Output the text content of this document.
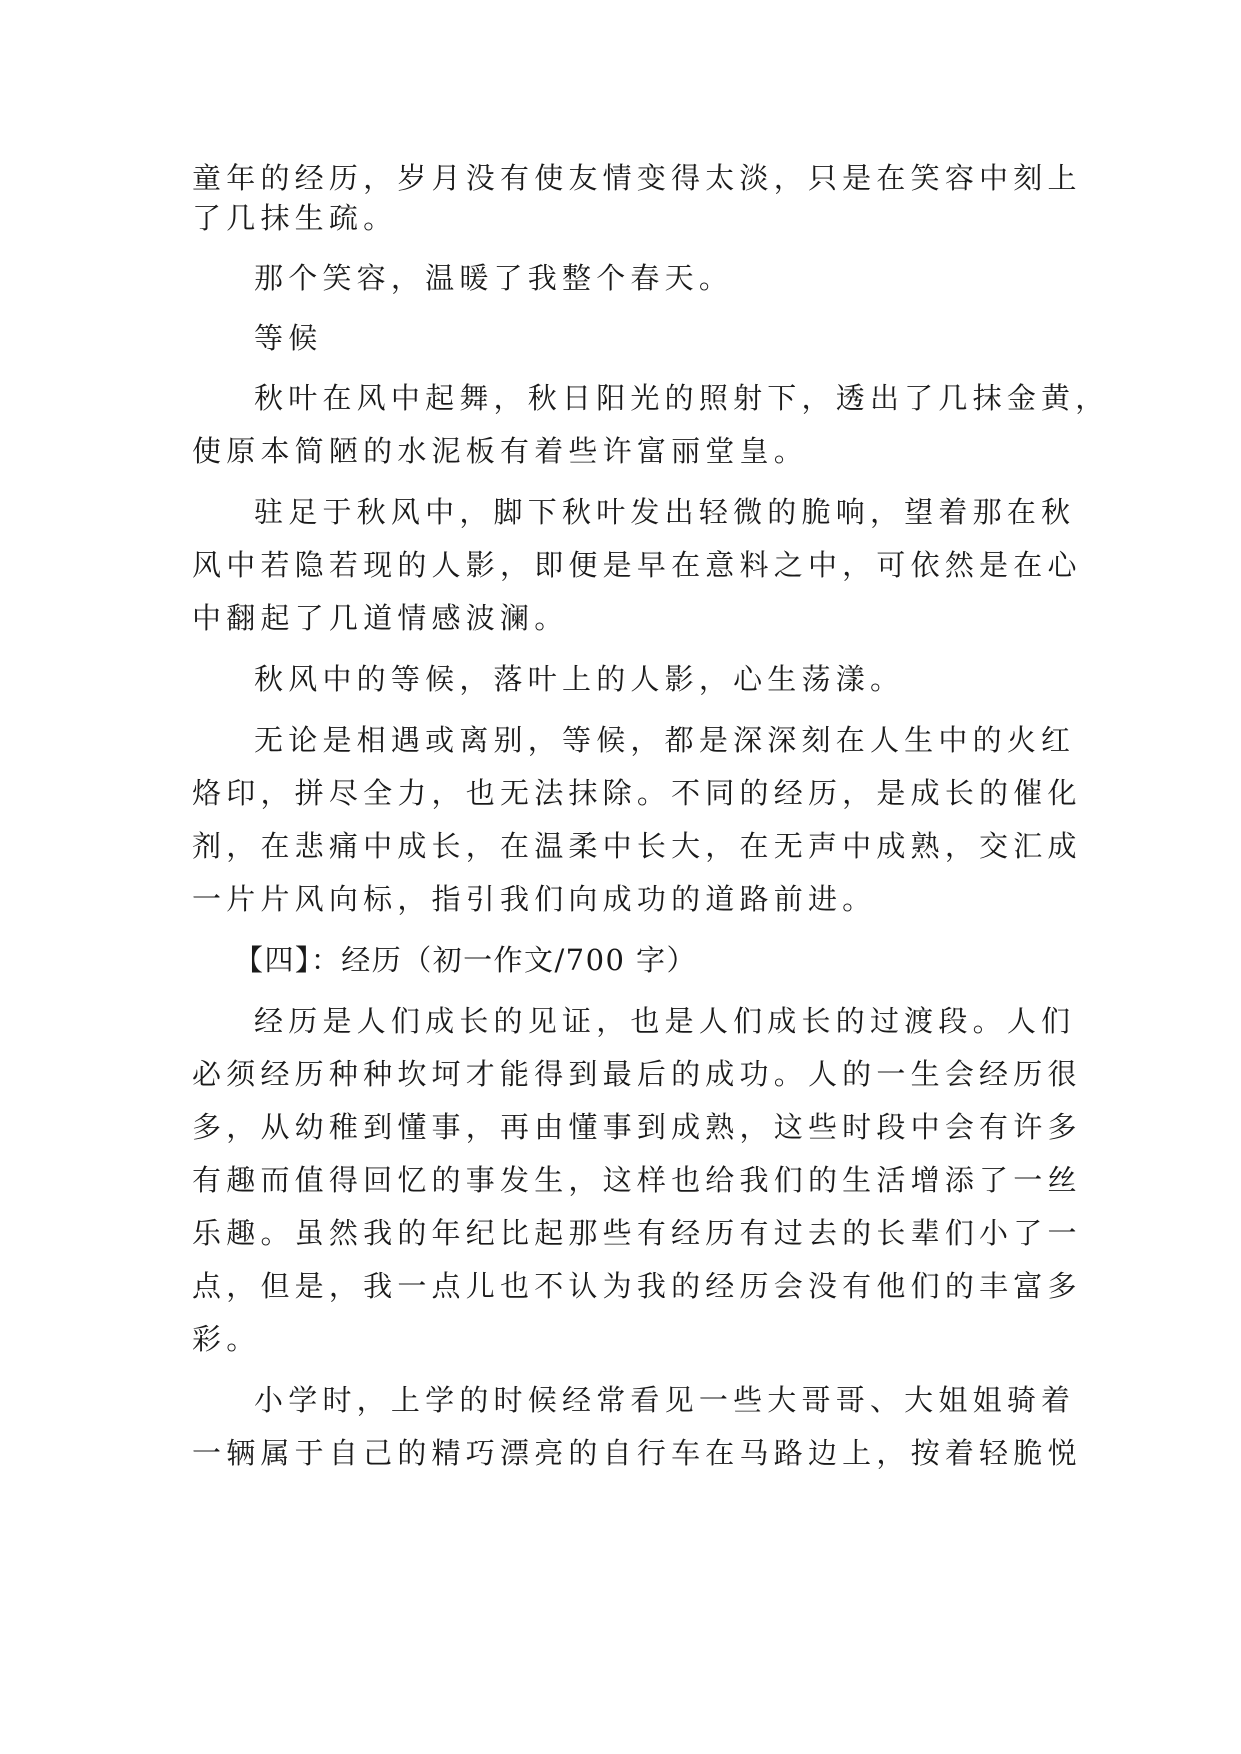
童年的经历，岁月没有使友情变得太淡，只是在笑容中刻上

了几抹生疏。

那个笑容，温暖了我整个春天。

等候

秋叶在风中起舞，秋日阳光的照射下，透出了几抹金黄，

使原本简陋的水泥板有着些许富丽堂皇。

驻足于秋风中，脚下秋叶发出轻微的脆响，望着那在秋

风中若隐若现的人影，即便是早在意料之中，可依然是在心

中翻起了几道情感波澜。

秋风中的等候，落叶上的人影，心生荡漾。

无论是相遇或离别，等候，都是深深刻在人生中的火红

烙印，拼尽全力，也无法抹除。不同的经历，是成长的催化

剂，在悲痛中成长，在温柔中长大，在无声中成熟，交汇成

一片片风向标，指引我们向成功的道路前进。

【四】：经历（初一作文/700 字）

经历是人们成长的见证，也是人们成长的过渡段。人们

必须经历种种坎坷才能得到最后的成功。人的一生会经历很

多，从幼稚到懂事，再由懂事到成熟，这些时段中会有许多

有趣而值得回忆的事发生，这样也给我们的生活增添了一丝

乐趣。虽然我的年纪比起那些有经历有过去的长辈们小了一

点，但是，我一点儿也不认为我的经历会没有他们的丰富多

彩。

小学时，上学的时候经常看见一些大哥哥、大姐姐骑着

一辆属于自己的精巧漂亮的自行车在马路边上，按着轻脆悦
